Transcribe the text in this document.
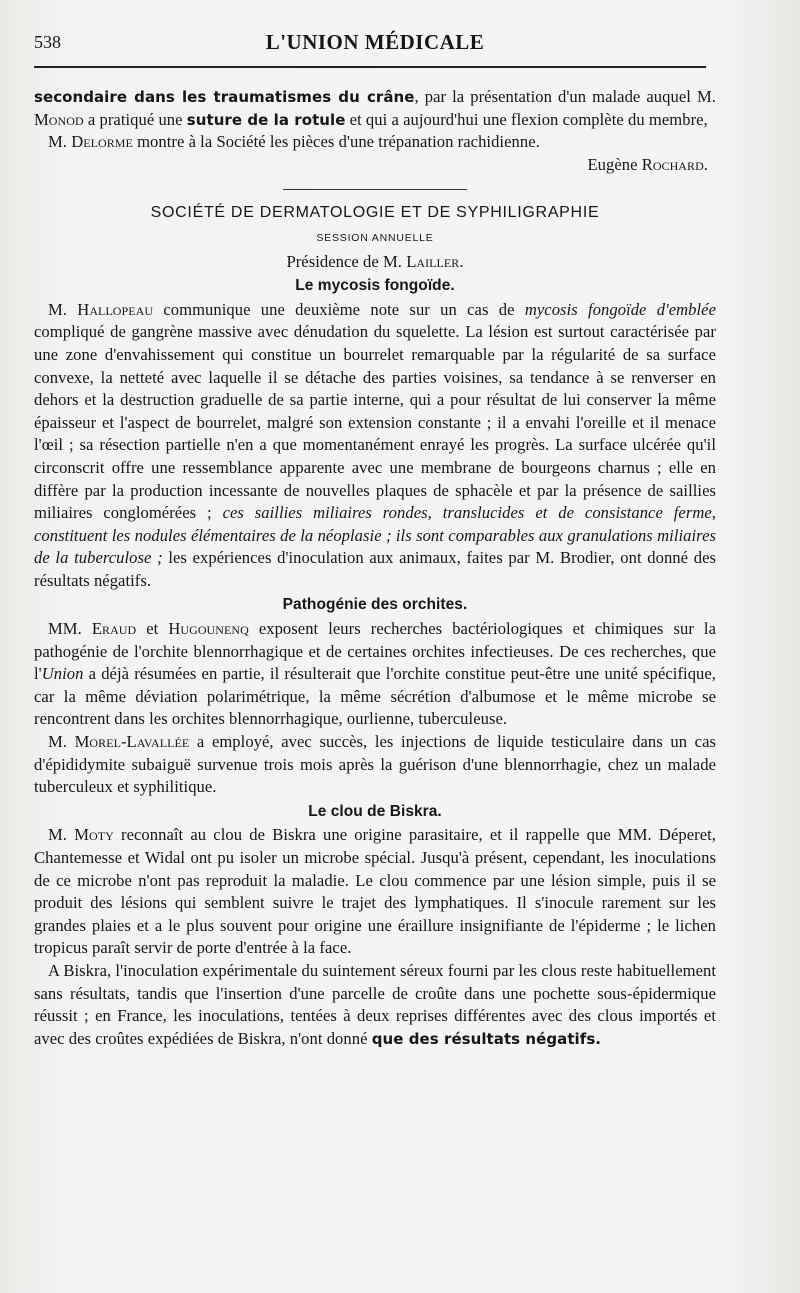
538	L'UNION MÉDICALE

secondaire dans les traumatismes du crâne, par la présentation d'un malade auquel M. Monod a pratiqué une suture de la rotule et qui a aujourd'hui une flexion complète du membre,

M. Delorme montre à la Société les pièces d'une trépanation rachidienne.

Eugène Rochard.

SOCIÉTÉ DE DERMATOLOGIE ET DE SYPHILIGRAPHIE
SESSION ANNUELLE

Présidence de M. Lailler.

Le mycosis fongoïde.

M. Hallopeau communique une deuxième note sur un cas de mycosis fongoïde d'emblée compliqué de gangrène massive avec dénudation du squelette. La lésion est surtout caractérisée par une zone d'envahissement qui constitue un bourrelet remarquable par la régularité de sa surface convexe, la netteté avec laquelle il se détache des parties voisines, sa tendance à se renverser en dehors et la destruction graduelle de sa partie interne, qui a pour résultat de lui conserver la même épaisseur et l'aspect de bourrelet, malgré son extension constante ; il a envahi l'oreille et il menace l'œil ; sa résection partielle n'en a que momentanément enrayé les progrès. La surface ulcérée qu'il circonscrit offre une ressemblance apparente avec une membrane de bourgeons charnus ; elle en diffère par la production incessante de nouvelles plaques de sphacèle et par la présence de saillies miliaires conglomérées ; ces saillies miliaires rondes, translucides et de consistance ferme, constituent les nodules élémentaires de la néoplasie ; ils sont comparables aux granulations miliaires de la tuberculose ; les expériences d'inoculation aux animaux, faites par M. Brodier, ont donné des résultats négatifs.

Pathogénie des orchites.

MM. Eraud et Hugounenq exposent leurs recherches bactériologiques et chimiques sur la pathogénie de l'orchite blennorrhagique et de certaines orchites infectieuses. De ces recherches, que l'Union a déjà résumées en partie, il résulterait que l'orchite constitue peut-être une unité spécifique, car la même déviation polarimétrique, la même sécrétion d'albumose et le même microbe se rencontrent dans les orchites blennorrhagique, ourlienne, tuberculeuse.

M. Morel-Lavallée a employé, avec succès, les injections de liquide testiculaire dans un cas d'épididymite subaiguë survenue trois mois après la guérison d'une blennorrhagie, chez un malade tuberculeux et syphilitique.

Le clou de Biskra.

M. Moty reconnaît au clou de Biskra une origine parasitaire, et il rappelle que MM. Déperet, Chantemesse et Widal ont pu isoler un microbe spécial. Jusqu'à présent, cependant, les inoculations de ce microbe n'ont pas reproduit la maladie. Le clou commence par une lésion simple, puis il se produit des lésions qui semblent suivre le trajet des lymphatiques. Il s'inocule rarement sur les grandes plaies et a le plus souvent pour origine une éraillure insignifiante de l'épiderme ; le lichen tropicus paraît servir de porte d'entrée à la face.

A Biskra, l'inoculation expérimentale du suintement séreux fourni par les clous reste habituellement sans résultats, tandis que l'insertion d'une parcelle de croûte dans une pochette sous-épidermique réussit ; en France, les inoculations, tentées à deux reprises différentes avec des clous importés et avec des croûtes expédiées de Biskra, n'ont donné que des résultats négatifs.
